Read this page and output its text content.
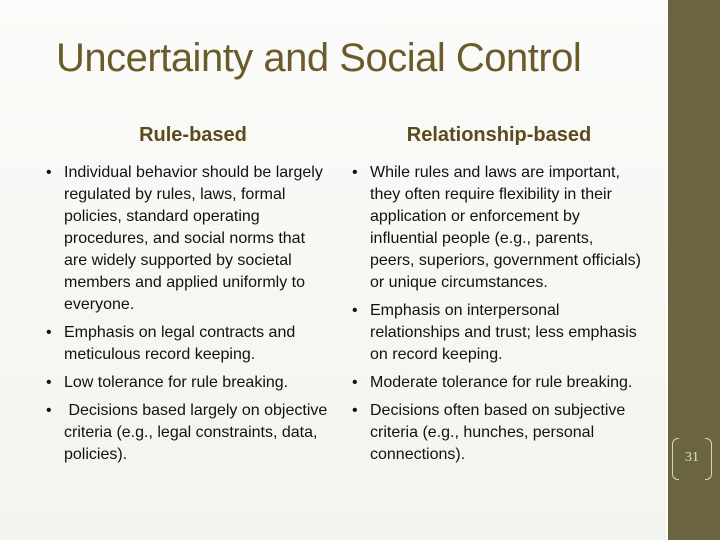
Uncertainty and Social Control
Rule-based	Relationship-based
• Individual behavior should be largely regulated by rules, laws, formal policies, standard operating procedures, and social norms that are widely supported by societal members and applied uniformly to everyone.
• Emphasis on legal contracts and meticulous record keeping.
• Low tolerance for rule breaking.
• Decisions based largely on objective criteria (e.g., legal constraints, data, policies).
• While rules and laws are important, they often require flexibility in their application or enforcement by influential people (e.g., parents, peers, superiors, government officials) or unique circumstances.
• Emphasis on interpersonal relationships and trust; less emphasis on record keeping.
• Moderate tolerance for rule breaking.
• Decisions often based on subjective criteria (e.g., hunches, personal connections).	31
